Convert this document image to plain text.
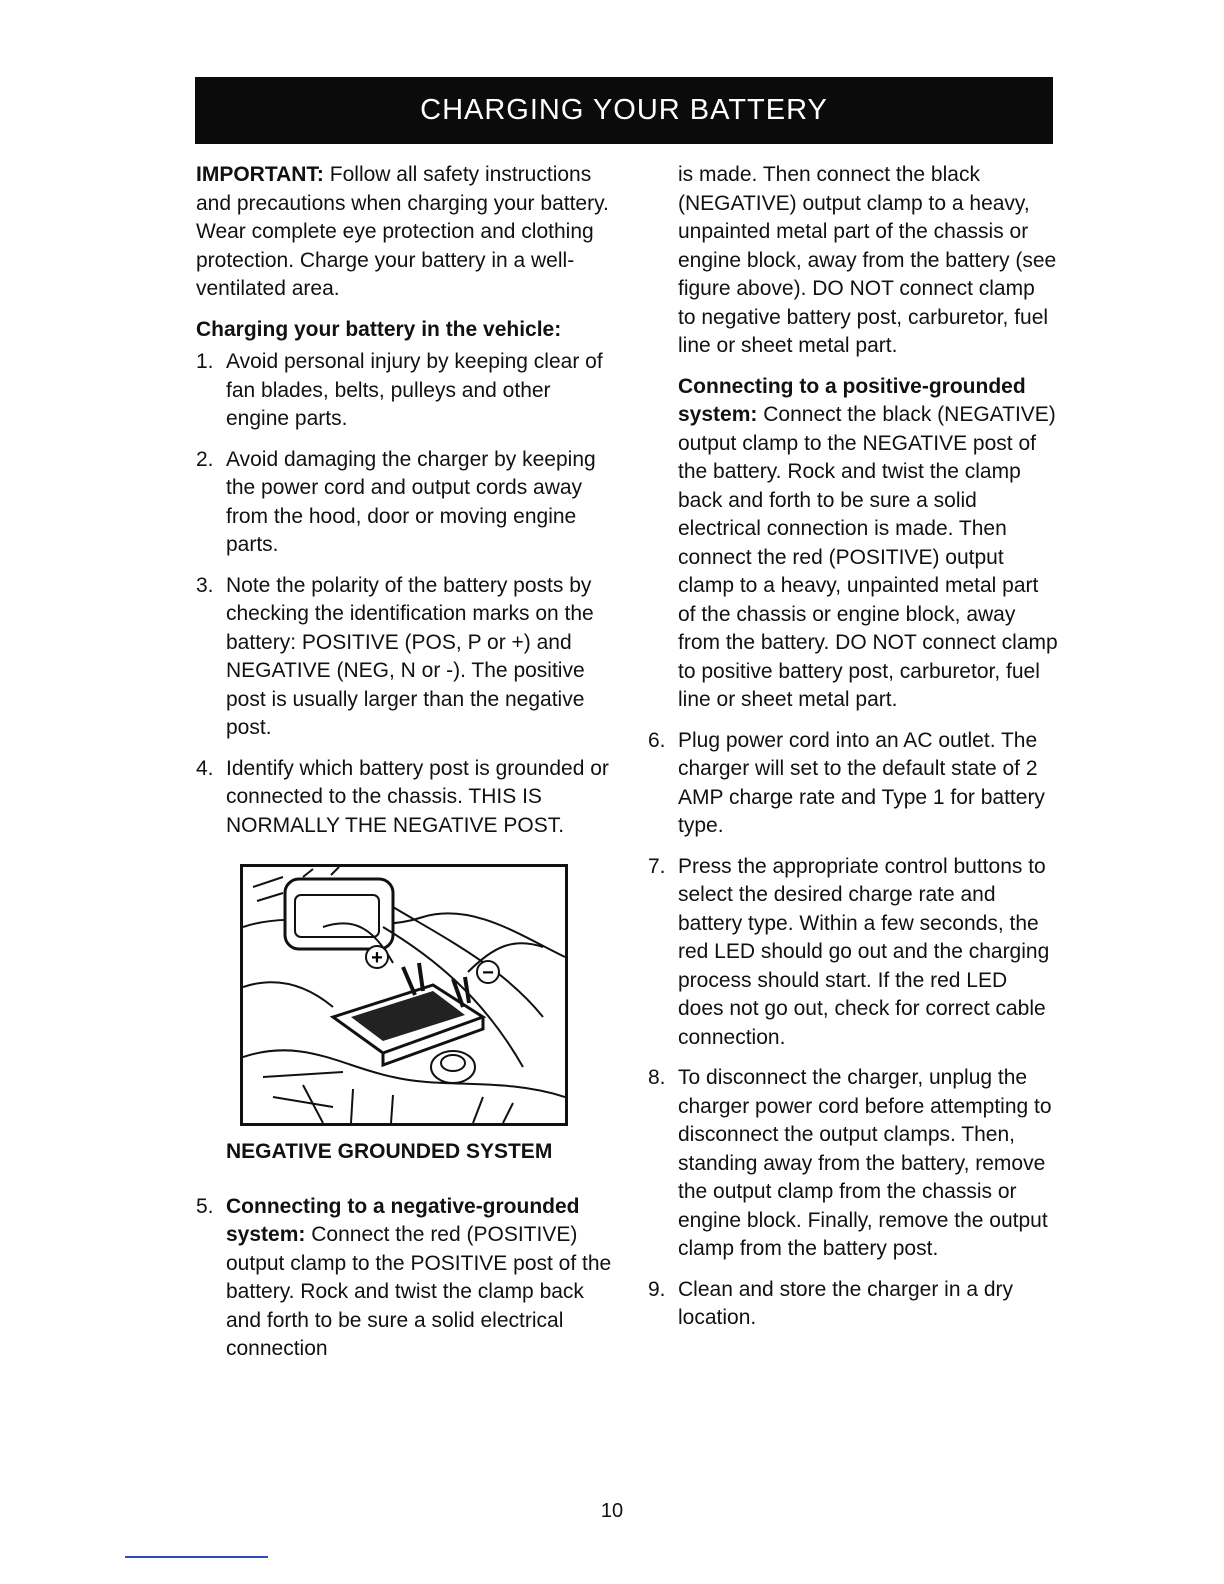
CHARGING YOUR BATTERY

IMPORTANT: Follow all safety instructions and precautions when charging your battery. Wear complete eye protection and clothing protection. Charge your battery in a well-ventilated area.

Charging your battery in the vehicle:
1. Avoid personal injury by keeping clear of fan blades, belts, pulleys and other engine parts.
2. Avoid damaging the charger by keeping the power cord and output cords away from the hood, door or moving engine parts.
3. Note the polarity of the battery posts by checking the identification marks on the battery: POSITIVE (POS, P or +) and NEGATIVE (NEG, N or -). The positive post is usually larger than the negative post.
4. Identify which battery post is grounded or connected to the chassis. THIS IS NORMALLY THE NEGATIVE POST.
+
−
NEGATIVE GROUNDED SYSTEM
5. Connecting to a negative-grounded system: Connect the red (POSITIVE) output clamp to the POSITIVE post of the battery. Rock and twist the clamp back and forth to be sure a solid electrical connection
is made. Then connect the black (NEGATIVE) output clamp to a heavy, unpainted metal part of the chassis or engine block, away from the battery (see figure above). DO NOT connect clamp to negative battery post, carburetor, fuel line or sheet metal part.
Connecting to a positive-grounded system: Connect the black (NEGATIVE) output clamp to the NEGATIVE post of the battery. Rock and twist the clamp back and forth to be sure a solid electrical connection is made. Then connect the red (POSITIVE) output clamp to a heavy, unpainted metal part of the chassis or engine block, away from the battery. DO NOT connect clamp to positive battery post, carburetor, fuel line or sheet metal part.
6. Plug power cord into an AC outlet. The charger will set to the default state of 2 AMP charge rate and Type 1 for battery type.
7. Press the appropriate control buttons to select the desired charge rate and battery type. Within a few seconds, the red LED should go out and the charging process should start. If the red LED does not go out, check for correct cable connection.
8. To disconnect the charger, unplug the charger power cord before attempting to disconnect the output clamps. Then, standing away from the battery, remove the output clamp from the chassis or engine block. Finally, remove the output clamp from the battery post.
9. Clean and store the charger in a dry location.
10
